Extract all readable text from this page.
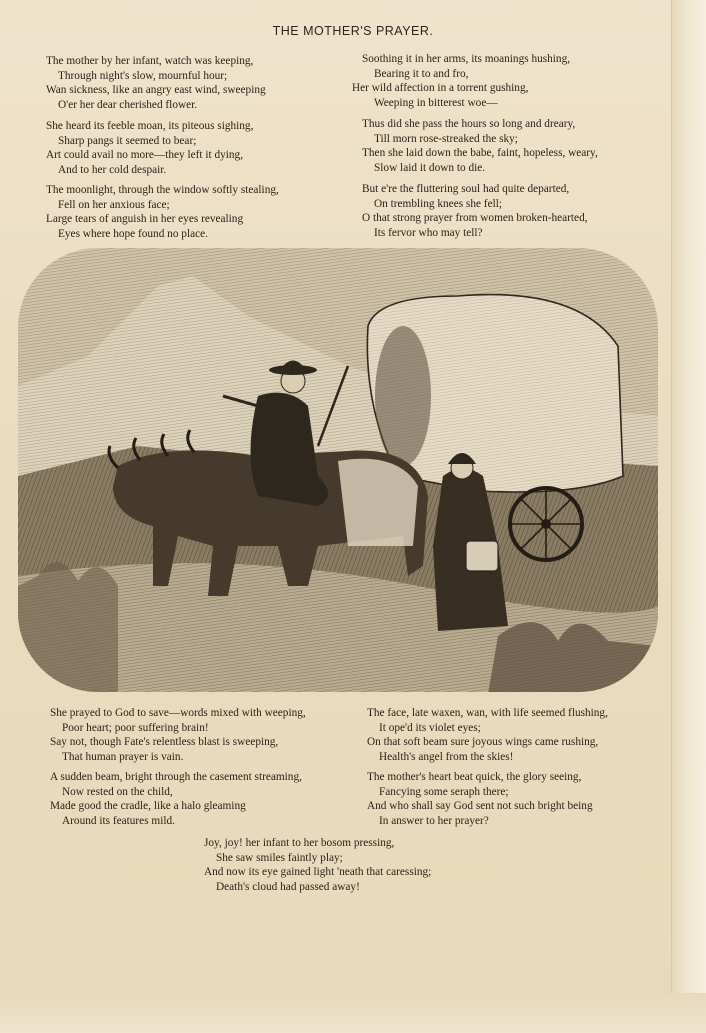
THE MOTHER'S PRAYER.
The mother by her infant, watch was keeping,
Through night's slow, mournful hour;
Wan sickness, like an angry east wind, sweeping
O'er her dear cherished flower.
She heard its feeble moan, its piteous sighing,
Sharp pangs it seemed to bear;
Art could avail no more—they left it dying,
And to her cold despair.
The moonlight, through the window softly stealing,
Fell on her anxious face;
Large tears of anguish in her eyes revealing
Eyes where hope found no place.
Soothing it in her arms, its moanings hushing,
Bearing it to and fro,
Her wild affection in a torrent gushing,
Weeping in bitterest woe—
Thus did she pass the hours so long and dreary,
Till morn rose-streaked the sky;
Then she laid down the babe, faint, hopeless, weary,
Slow laid it down to die.
But e're the fluttering soul had quite departed,
On trembling knees she fell;
O that strong prayer from women broken-hearted,
Its fervor who may tell?
She prayed to God to save—words mixed with weeping,
Poor heart; poor suffering brain!
Say not, though Fate's relentless blast is sweeping,
That human prayer is vain.
A sudden beam, bright through the casement streaming,
Now rested on the child,
Made good the cradle, like a halo gleaming
Around its features mild.
The face, late waxen, wan, with life seemed flushing,
It ope'd its violet eyes;
On that soft beam sure joyous wings came rushing,
Health's angel from the skies!
The mother's heart beat quick, the glory seeing,
Fancying some seraph there;
And who shall say God sent not such bright being
In answer to her prayer?
Joy, joy! her infant to her bosom pressing,
She saw smiles faintly play;
And now its eye gained light 'neath that caressing;
Death's cloud had passed away!
